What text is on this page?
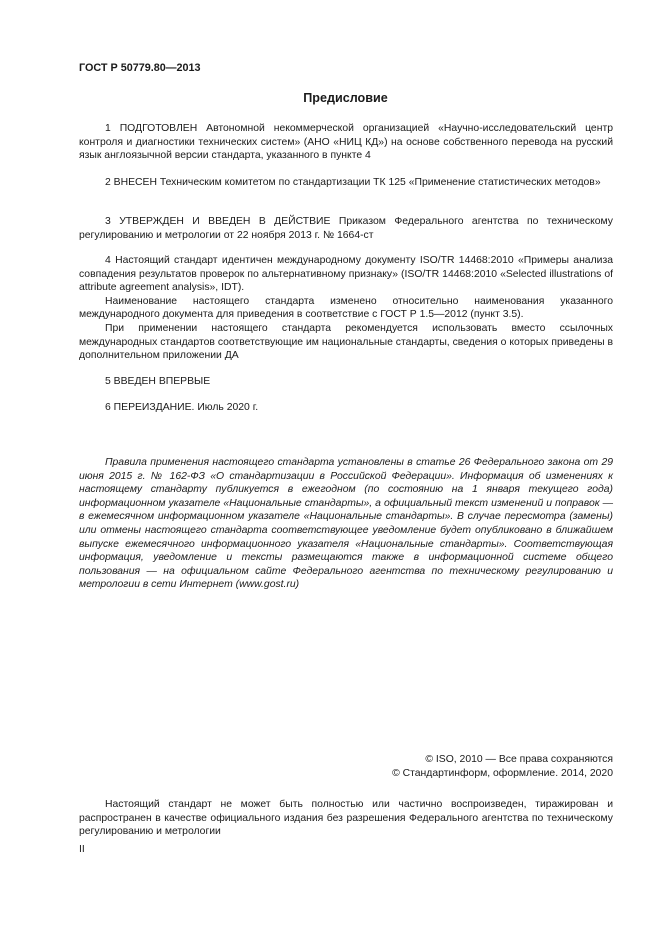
ГОСТ Р 50779.80—2013
Предисловие

1 ПОДГОТОВЛЕН Автономной некоммерческой организацией «Научно-исследовательский центр контроля и диагностики технических систем» (АНО «НИЦ КД») на основе собственного перевода на русский язык англоязычной версии стандарта, указанного в пункте 4

2 ВНЕСЕН Техническим комитетом по стандартизации ТК 125 «Применение статистических методов»

3 УТВЕРЖДЕН И ВВЕДЕН В ДЕЙСТВИЕ Приказом Федерального агентства по техническому регулированию и метрологии от 22 ноября 2013 г. № 1664-ст

4 Настоящий стандарт идентичен международному документу ISO/TR 14468:2010 «Примеры анализа совпадения результатов проверок по альтернативному признаку» (ISO/TR 14468:2010 «Selected illustrations of attribute agreement analysis», IDT).

Наименование настоящего стандарта изменено относительно наименования указанного международного документа для приведения в соответствие с ГОСТ Р 1.5—2012 (пункт 3.5).

При применении настоящего стандарта рекомендуется использовать вместо ссылочных международных стандартов соответствующие им национальные стандарты, сведения о которых приведены в дополнительном приложении ДА

5 ВВЕДЕН ВПЕРВЫЕ

6 ПЕРЕИЗДАНИЕ. Июль 2020 г.

Правила применения настоящего стандарта установлены в статье 26 Федерального закона от 29 июня 2015 г. № 162-ФЗ «О стандартизации в Российской Федерации». Информация об изменениях к настоящему стандарту публикуется в ежегодном (по состоянию на 1 января текущего года) информационном указателе «Национальные стандарты», а официальный текст изменений и поправок — в ежемесячном информационном указателе «Национальные стандарты». В случае пересмотра (замены) или отмены настоящего стандарта соответствующее уведомление будет опубликовано в ближайшем выпуске ежемесячного информационного указателя «Национальные стандарты». Соответствующая информация, уведомление и тексты размещаются также в информационной системе общего пользования — на официальном сайте Федерального агентства по техническому регулированию и метрологии в сети Интернет (www.gost.ru)
© ISO, 2010 — Все права сохраняются
© Стандартинформ, оформление. 2014, 2020
Настоящий стандарт не может быть полностью или частично воспроизведен, тиражирован и распространен в качестве официального издания без разрешения Федерального агентства по техническому регулированию и метрологии
II
